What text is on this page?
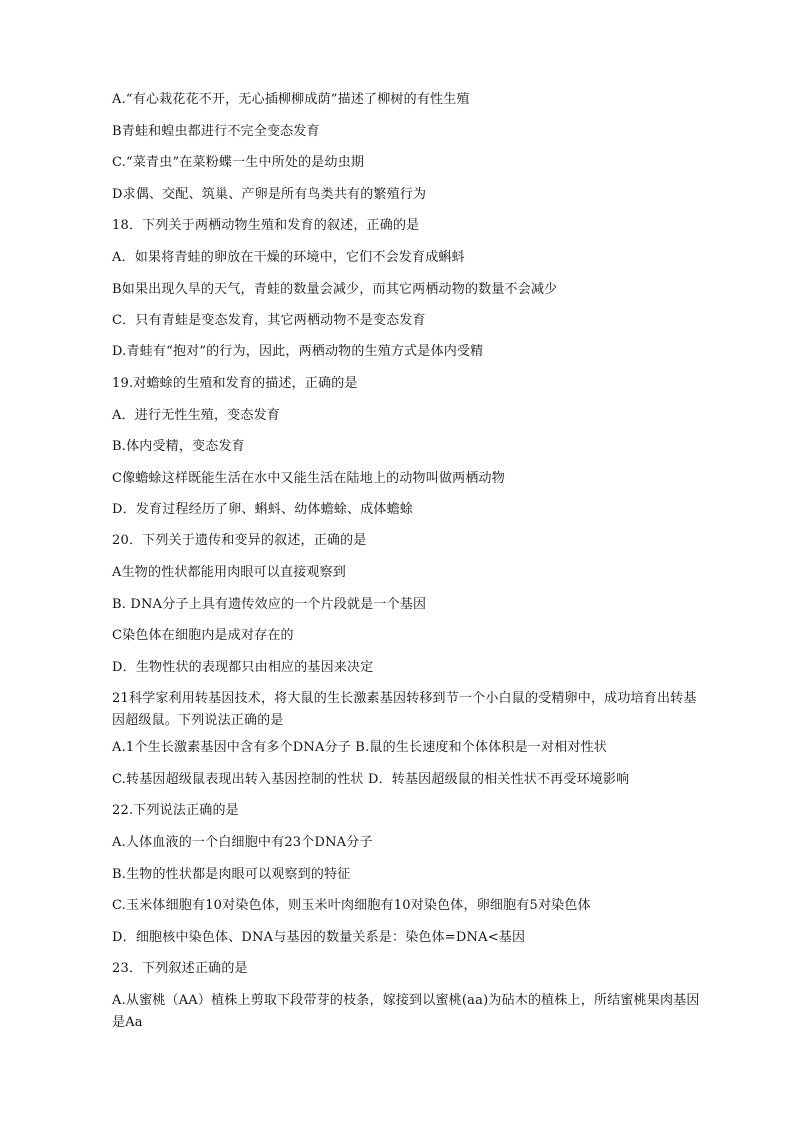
A.“有心栽花花不开，无心插柳柳成荫”描述了柳树的有性生殖
B青蛙和蝗虫都进行不完全变态发育
C.“菜青虫”在菜粉蝶一生中所处的是幼虫期
D求偶、交配、筑巢、产卵是所有鸟类共有的繁殖行为
18．下列关于两栖动物生殖和发育的叙述，正确的是
A．如果将青蛙的卵放在干燥的环境中，它们不会发育成蝌蚪
B如果出现久旱的天气，青蛙的数量会减少，而其它两栖动物的数量不会减少
C．只有青蛙是变态发育，其它两栖动物不是变态发育
D.青蛙有“抱对”的行为，因此，两栖动物的生殖方式是体内受精
19.对蟾蜍的生殖和发育的描述，正确的是
A．进行无性生殖，变态发育
B.体内受精，变态发育
C像蟾蜍这样既能生活在水中又能生活在陆地上的动物叫做两栖动物
D．发育过程经历了卵、蝌蚪、幼体蟾蜍、成体蟾蜍
20．下列关于遗传和变异的叙述，正确的是
A生物的性状都能用肉眼可以直接观察到
B. DNA分子上具有遗传效应的一个片段就是一个基因
C染色体在细胞内是成对存在的
D．生物性状的表现都只由相应的基因来决定
21科学家利用转基因技术，将大鼠的生长激素基因转移到节一个小白鼠的受精卵中，成功培育出转基因超级鼠。下列说法正确的是
A.1个生长激素基因中含有多个DNA分子 B.鼠的生长速度和个体体积是一对相对性状
C.转基因超级鼠表现出转入基因控制的性状 D．转基因超级鼠的相关性状不再受环境影响
22.下列说法正确的是
A.人体血液的一个白细胞中有23个DNA分子
B.生物的性状都是肉眼可以观察到的特征
C.玉米体细胞有10对染色体，则玉米叶肉细胞有10对染色体，卵细胞有5对染色体
D．细胞核中染色体、DNA与基因的数量关系是：染色体=DNA<基因
23．下列叙述正确的是
A.从蜜桃（AA）植株上剪取下段带芽的枝条，嫁接到以蜜桃(aa)为砧木的植株上，所结蜜桃果肉基因是Aa
